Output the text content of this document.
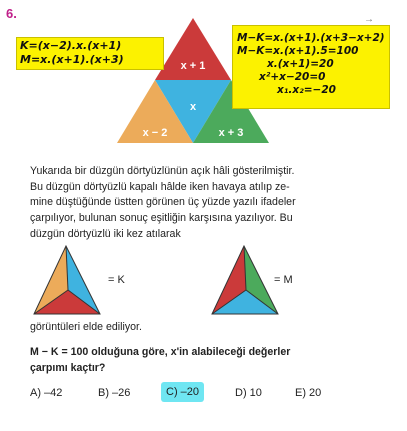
6.
x + 1
x
x − 2	x + 3
K=(x−2).x.(x+1)
M=x.(x+1).(x+3)
M−K=x.(x+1).(x+3−x+2)
M−K=x.(x+1).5=100
x.(x+1)=20
x²+x−20=0
x₁.x₂=−20
→
Yukarıda bir düzgün dörtyüzlünün açık hâli gösterilmiştir.
Bu düzgün dörtyüzlü kapalı hâlde iken havaya atılıp ze-
mine düştüğünde üstten görünen üç yüzde yazılı ifadeler
çarpılıyor, bulunan sonuç eşitliğin karşısına yazılıyor. Bu
düzgün dörtyüzlü iki kez atılarak
= K	= M
görüntüleri elde ediliyor.
M − K = 100 olduğuna göre, x'in alabileceği değerler
çarpımı kaçtır?
A) –42	B) –26	C) –20	D) 10	E) 20
